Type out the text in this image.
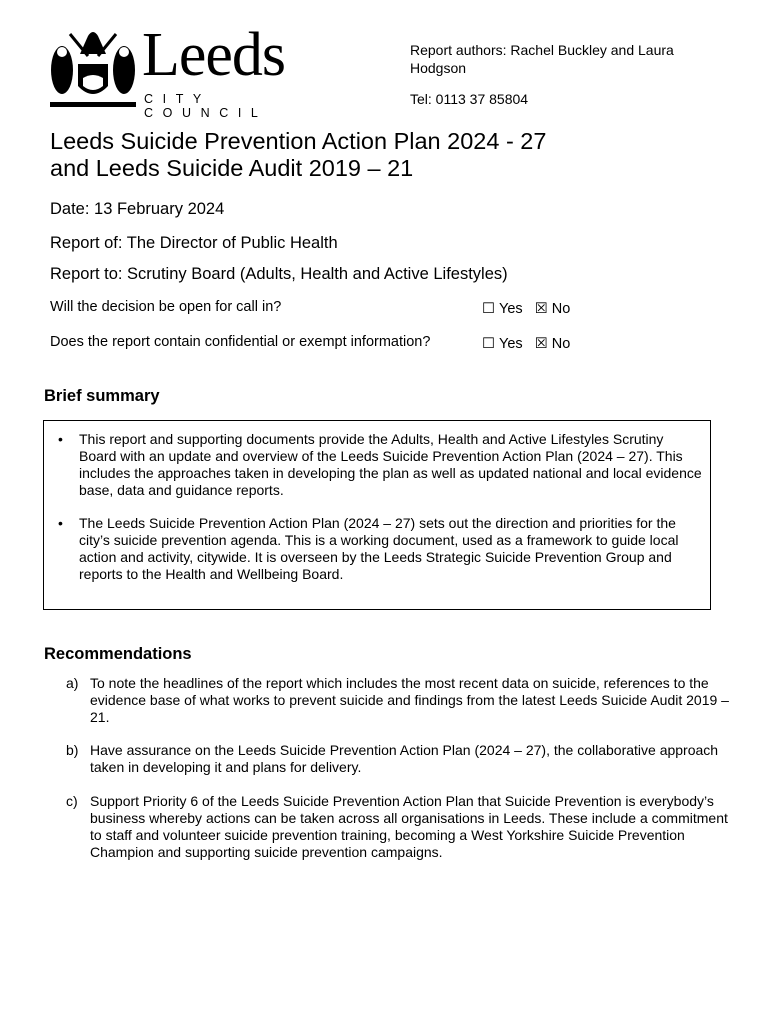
Leeds
CITY COUNCIL
Report authors: Rachel Buckley and Laura Hodgson
Tel: 0113 37 85804
Leeds Suicide Prevention Action Plan 2024 - 27
and Leeds Suicide Audit 2019 – 21
Date: 13 February 2024
Report of: The Director of Public Health
Report to: Scrutiny Board (Adults, Health and Active Lifestyles)
Will the decision be open for call in?	☐ Yes ☒ No
Does the report contain confidential or exempt information?	☐ Yes ☒ No
Brief summary
• This report and supporting documents provide the Adults, Health and Active Lifestyles Scrutiny Board with an update and overview of the Leeds Suicide Prevention Action Plan (2024 – 27). This includes the approaches taken in developing the plan as well as updated national and local evidence base, data and guidance reports.
• The Leeds Suicide Prevention Action Plan (2024 – 27) sets out the direction and priorities for the city’s suicide prevention agenda. This is a working document, used as a framework to guide local action and activity, citywide. It is overseen by the Leeds Strategic Suicide Prevention Group and reports to the Health and Wellbeing Board.
Recommendations
a) To note the headlines of the report which includes the most recent data on suicide, references to the evidence base of what works to prevent suicide and findings from the latest Leeds Suicide Audit 2019 – 21.
b) Have assurance on the Leeds Suicide Prevention Action Plan (2024 – 27), the collaborative approach taken in developing it and plans for delivery.
c) Support Priority 6 of the Leeds Suicide Prevention Action Plan that Suicide Prevention is everybody’s business whereby actions can be taken across all organisations in Leeds. These include a commitment to staff and volunteer suicide prevention training, becoming a West Yorkshire Suicide Prevention Champion and supporting suicide prevention campaigns.
